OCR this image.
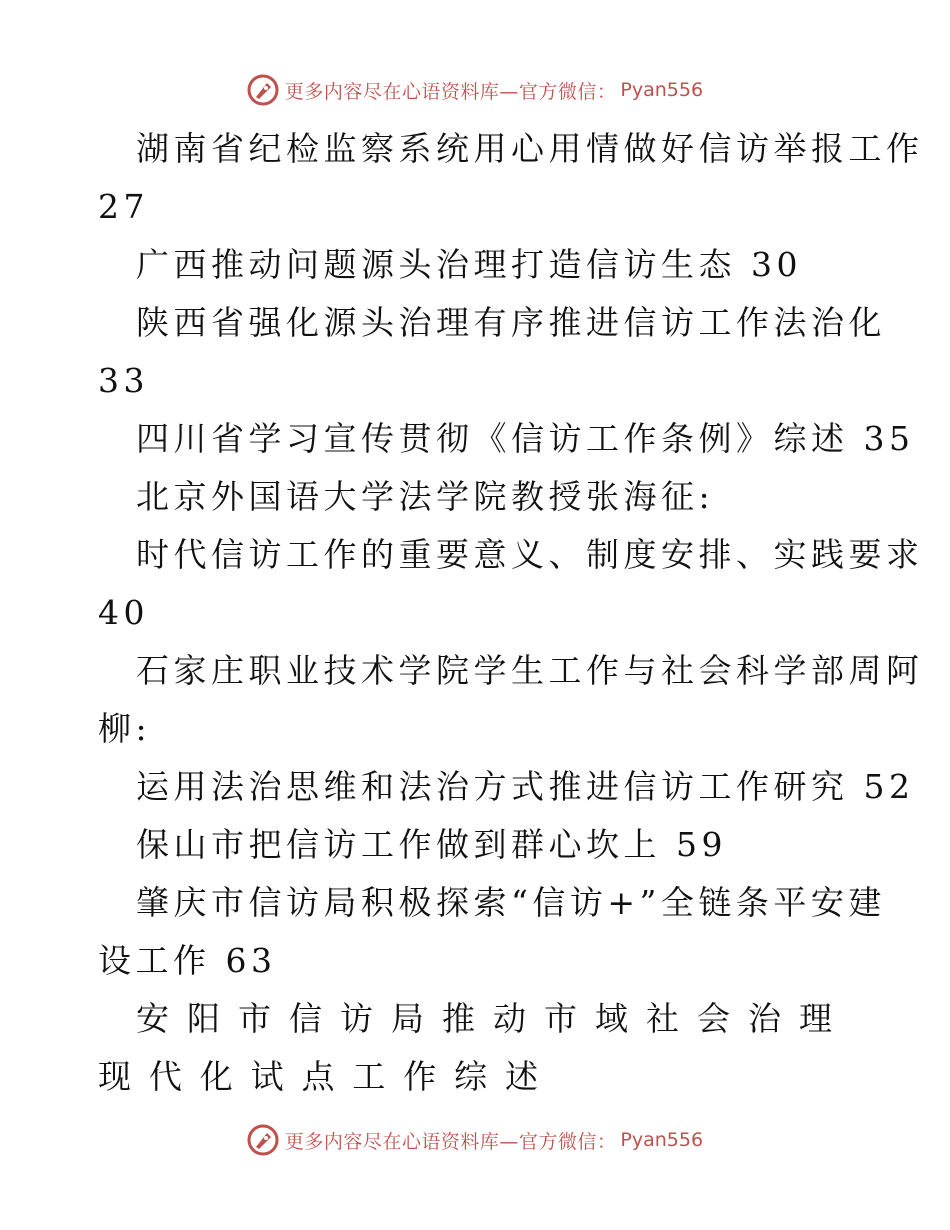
更多内容尽在心语资料库—官方微信： Pyan556
湖南省纪检监察系统用心用情做好信访举报工作
27
广西推动问题源头治理打造信访生态 30
陕西省强化源头治理有序推进信访工作法治化
33
四川省学习宣传贯彻《信访工作条例》综述 35
北京外国语大学法学院教授张海征:
时代信访工作的重要意义、制度安排、实践要求
40
石家庄职业技术学院学生工作与社会科学部周阿
柳:
运用法治思维和法治方式推进信访工作研究 52
保山市把信访工作做到群心坎上 59
肇庆市信访局积极探索“信访+”全链条平安建
设工作 63
安 阳 市 信 访 局 推 动 市 域 社 会 治 理
现 代 化 试 点 工 作 综 述
更多内容尽在心语资料库—官方微信： Pyan556
